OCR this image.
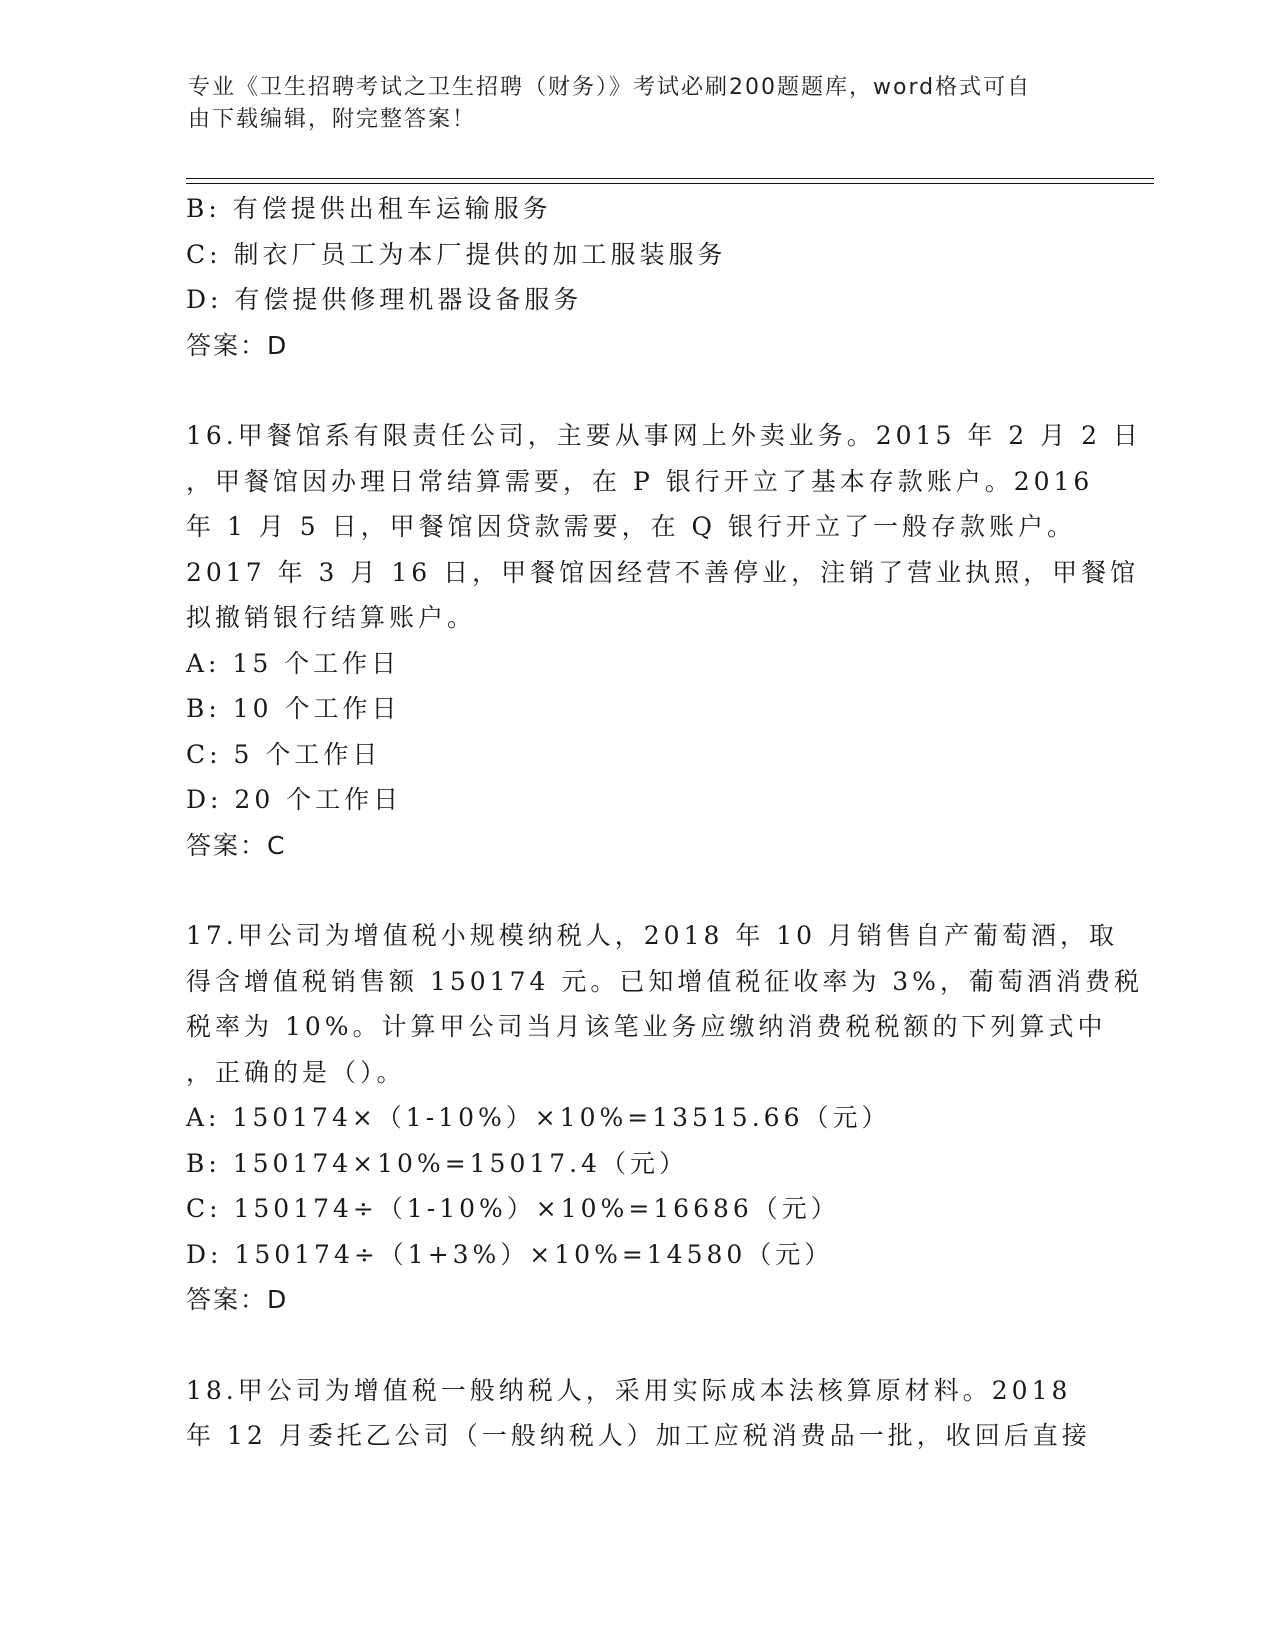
专业《卫生招聘考试之卫生招聘（财务）》考试必刷200题题库，word格式可自
由下载编辑，附完整答案！
B: 有偿提供出租车运输服务
C: 制衣厂员工为本厂提供的加工服装服务
D: 有偿提供修理机器设备服务
答案：D
16.甲餐馆系有限责任公司，主要从事网上外卖业务。2015 年 2 月 2 日
，甲餐馆因办理日常结算需要，在 P 银行开立了基本存款账户。2016
年 1 月 5 日，甲餐馆因贷款需要，在 Q 银行开立了一般存款账户。
2017 年 3 月 16 日，甲餐馆因经营不善停业，注销了营业执照，甲餐馆
拟撤销银行结算账户。
A: 15 个工作日
B: 10 个工作日
C: 5 个工作日
D: 20 个工作日
答案：C
17.甲公司为增值税小规模纳税人，2018 年 10 月销售自产葡萄酒，取
得含增值税销售额 150174 元。已知增值税征收率为 3%，葡萄酒消费税
税率为 10%。计算甲公司当月该笔业务应缴纳消费税税额的下列算式中
，正确的是（）。
A: 150174×（1-10%）×10%=13515.66（元）
B: 150174×10%=15017.4（元）
C: 150174÷（1-10%）×10%=16686（元）
D: 150174÷（1+3%）×10%=14580（元）
答案：D
18.甲公司为增值税一般纳税人，采用实际成本法核算原材料。2018
年 12 月委托乙公司（一般纳税人）加工应税消费品一批，收回后直接
